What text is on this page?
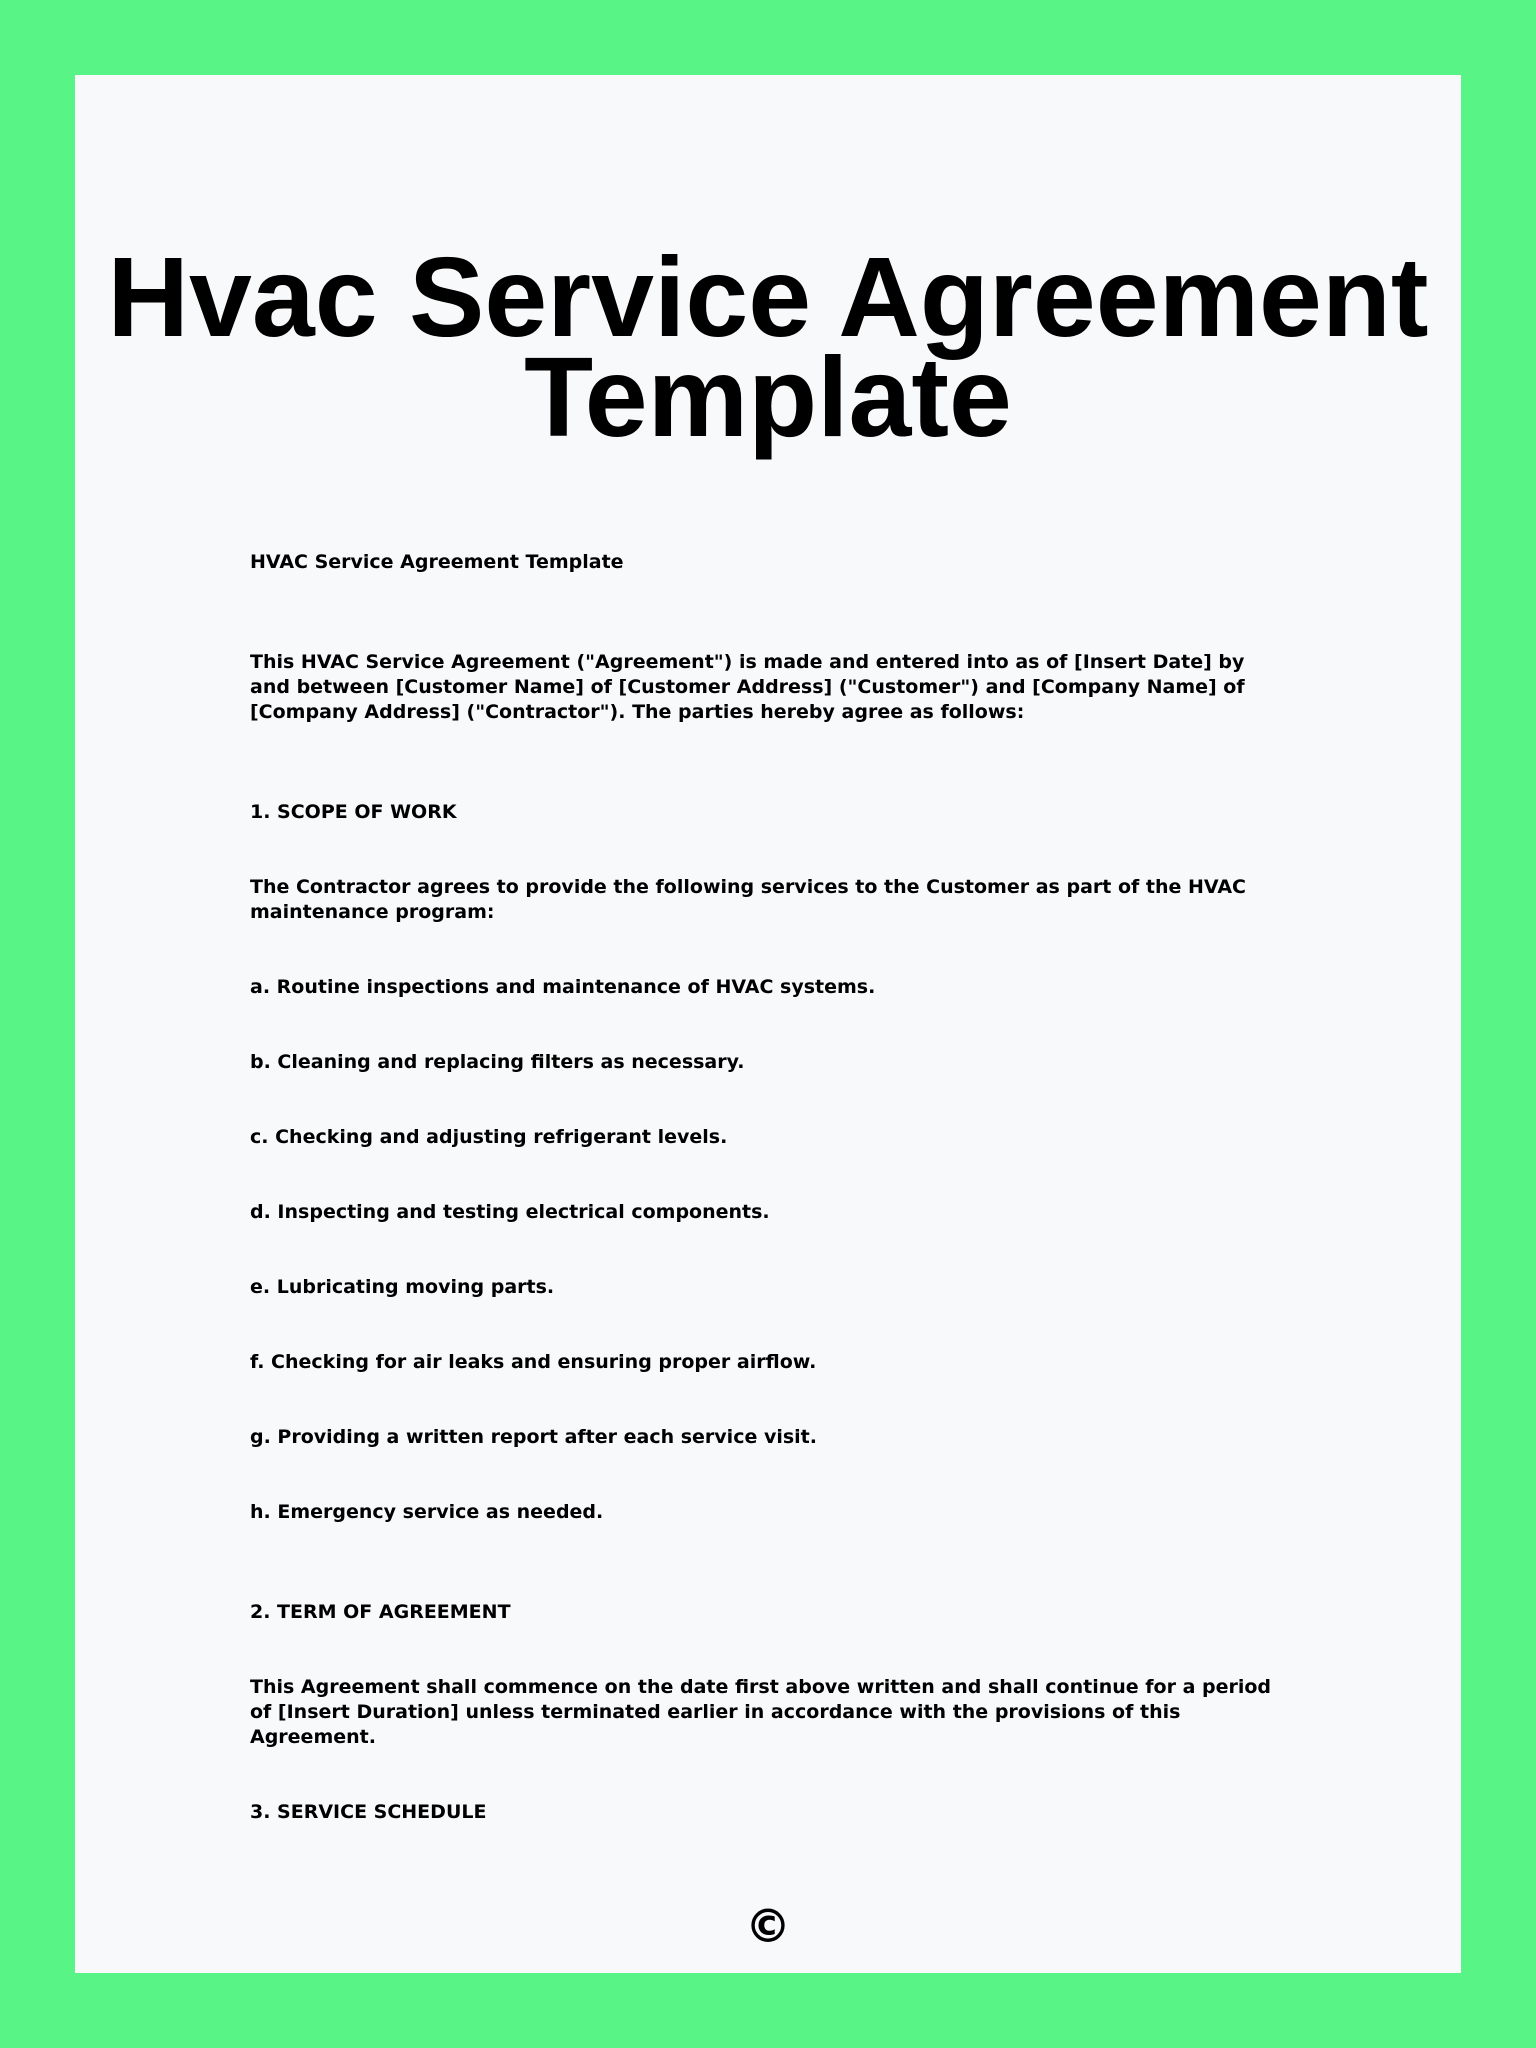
Hvac Service Agreement
Template

HVAC Service Agreement Template

This HVAC Service Agreement ("Agreement") is made and entered into as of [Insert Date] by and between [Customer Name] of [Customer Address] ("Customer") and [Company Name] of [Company Address] ("Contractor"). The parties hereby agree as follows:

1. SCOPE OF WORK

The Contractor agrees to provide the following services to the Customer as part of the HVAC maintenance program:

a. Routine inspections and maintenance of HVAC systems.

b. Cleaning and replacing filters as necessary.

c. Checking and adjusting refrigerant levels.

d. Inspecting and testing electrical components.

e. Lubricating moving parts.

f. Checking for air leaks and ensuring proper airflow.

g. Providing a written report after each service visit.

h. Emergency service as needed.

2. TERM OF AGREEMENT

This Agreement shall commence on the date first above written and shall continue for a period of [Insert Duration] unless terminated earlier in accordance with the provisions of this Agreement.

3. SERVICE SCHEDULE

©
